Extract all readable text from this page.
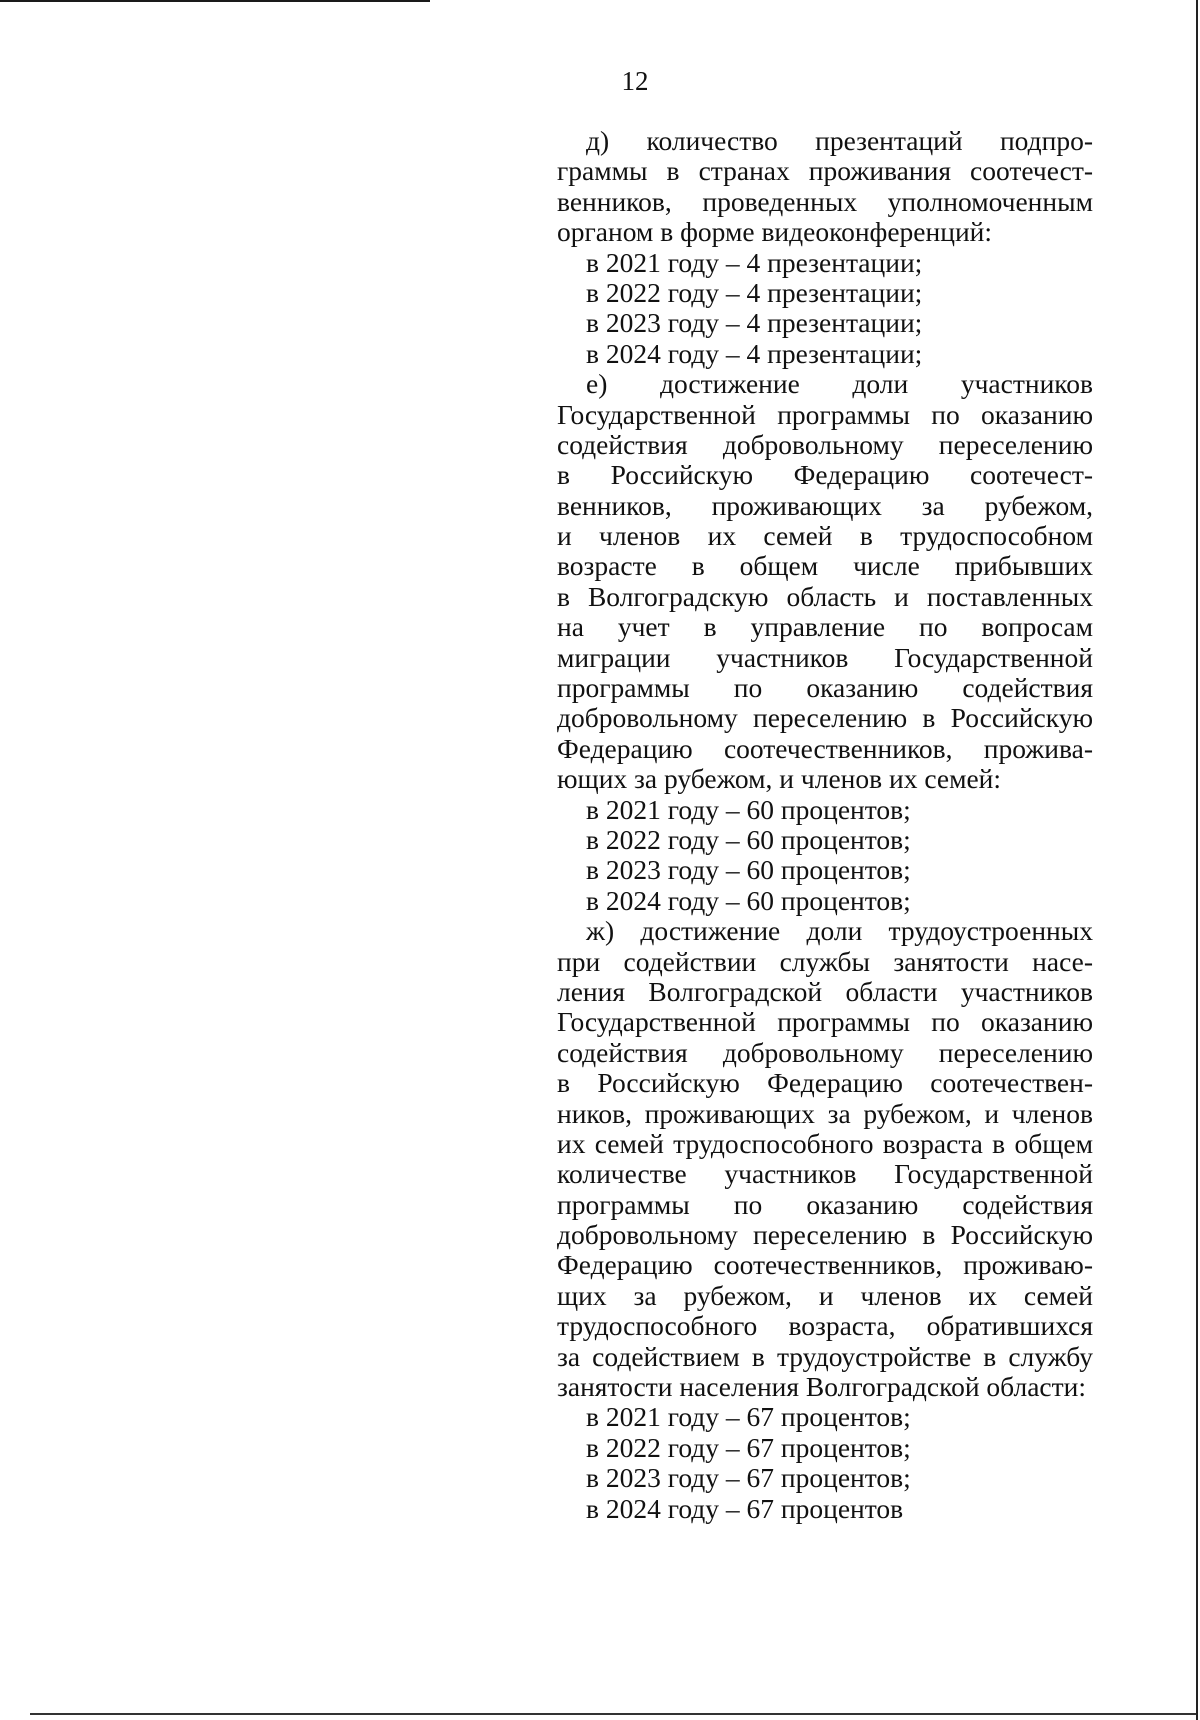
12
д) количество презентаций подпро-
граммы в странах проживания соотечест-
венников, проведенных уполномоченным
органом в форме видеоконференций:
в 2021 году – 4 презентации;
в 2022 году – 4 презентации;
в 2023 году – 4 презентации;
в 2024 году – 4 презентации;
е) достижение доли участников
Государственной программы по оказанию
содействия добровольному переселению
в Российскую Федерацию соотечест-
венников, проживающих за рубежом,
и членов их семей в трудоспособном
возрасте в общем числе прибывших
в Волгоградскую область и поставленных
на учет в управление по вопросам
миграции участников Государственной
программы по оказанию содействия
добровольному переселению в Российскую
Федерацию соотечественников, прожива-
ющих за рубежом, и членов их семей:
в 2021 году – 60 процентов;
в 2022 году – 60 процентов;
в 2023 году – 60 процентов;
в 2024 году – 60 процентов;
ж) достижение доли трудоустроенных
при содействии службы занятости насе-
ления Волгоградской области участников
Государственной программы по оказанию
содействия добровольному переселению
в Российскую Федерацию соотечествен-
ников, проживающих за рубежом, и членов
их семей трудоспособного возраста в общем
количестве участников Государственной
программы по оказанию содействия
добровольному переселению в Российскую
Федерацию соотечественников, проживаю-
щих за рубежом, и членов их семей
трудоспособного возраста, обратившихся
за содействием в трудоустройстве в службу
занятости населения Волгоградской области:
в 2021 году – 67 процентов;
в 2022 году – 67 процентов;
в 2023 году – 67 процентов;
в 2024 году – 67 процентов
